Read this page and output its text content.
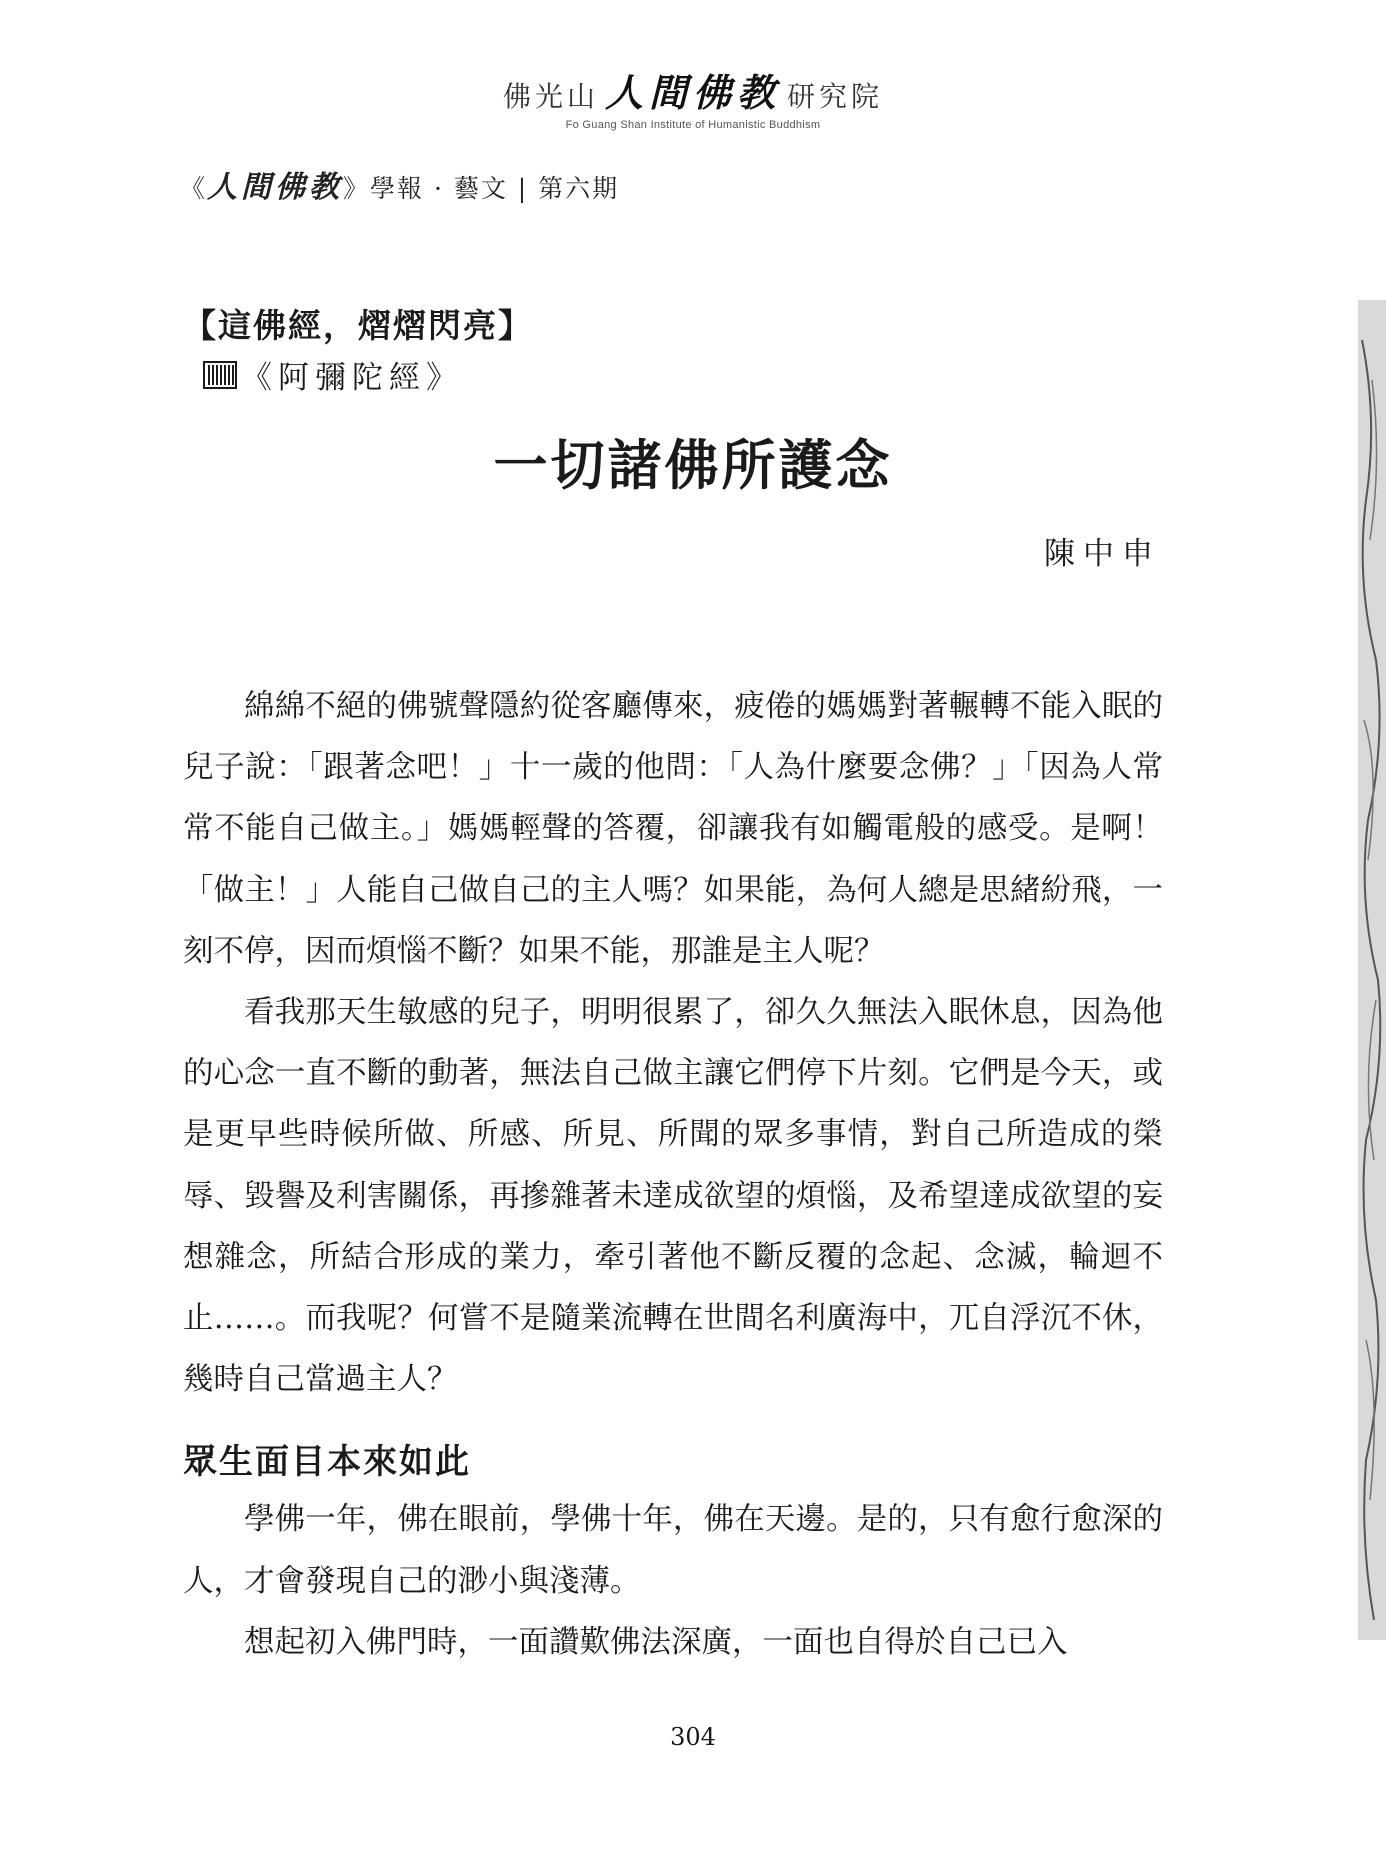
佛光山 人間佛教 研究院
Fo Guang Shan Institute of Humanistic Buddhism
《人間佛教》學報 · 藝文 | 第六期
【這佛經，熠熠閃亮】
《阿彌陀經》
一切諸佛所護念
陳中申

綿綿不絕的佛號聲隱約從客廳傳來，疲倦的媽媽對著輾轉不能入眠的兒子說：「跟著念吧！」十一歲的他問：「人為什麼要念佛？」「因為人常常不能自己做主。」媽媽輕聲的答覆，卻讓我有如觸電般的感受。是啊！「做主！」人能自己做自己的主人嗎？如果能，為何人總是思緒紛飛，一刻不停，因而煩惱不斷？如果不能，那誰是主人呢？

看我那天生敏感的兒子，明明很累了，卻久久無法入眠休息，因為他的心念一直不斷的動著，無法自己做主讓它們停下片刻。它們是今天，或是更早些時候所做、所感、所見、所聞的眾多事情，對自己所造成的榮辱、毀譽及利害關係，再摻雜著未達成欲望的煩惱，及希望達成欲望的妄想雜念，所結合形成的業力，牽引著他不斷反覆的念起、念滅，輪迴不止……。而我呢？何嘗不是隨業流轉在世間名利廣海中，兀自浮沉不休，幾時自己當過主人？

眾生面目本來如此

學佛一年，佛在眼前，學佛十年，佛在天邊。是的，只有愈行愈深的人，才會發現自己的渺小與淺薄。

想起初入佛門時，一面讚歎佛法深廣，一面也自得於自己已入

304
